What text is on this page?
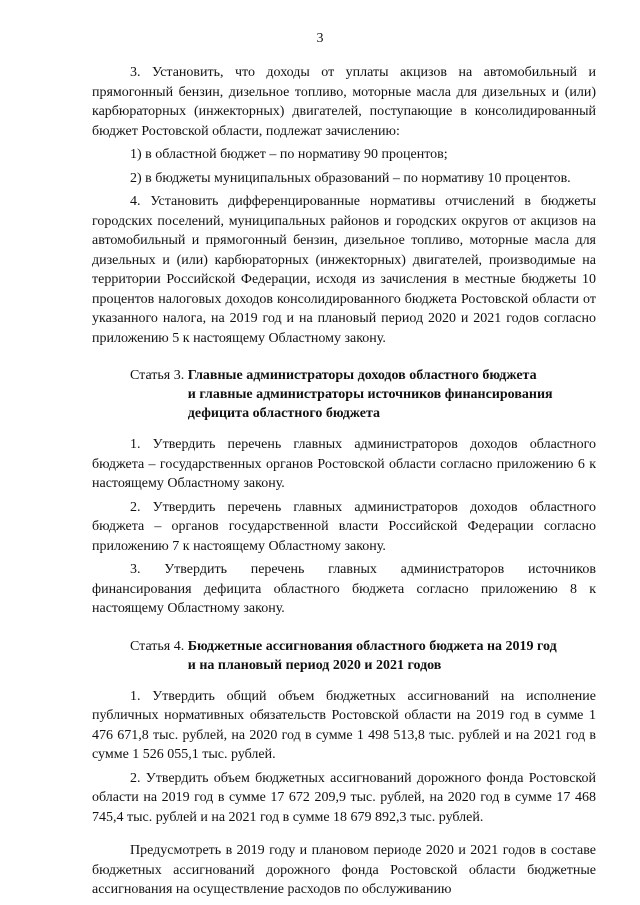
3

3. Установить, что доходы от уплаты акцизов на автомобильный и прямогонный бензин, дизельное топливо, моторные масла для дизельных и (или) карбюраторных (инжекторных) двигателей, поступающие в консолидированный бюджет Ростовской области, подлежат зачислению:

1) в областной бюджет – по нормативу 90 процентов;

2) в бюджеты муниципальных образований – по нормативу 10 процентов.

4. Установить дифференцированные нормативы отчислений в бюджеты городских поселений, муниципальных районов и городских округов от акцизов на автомобильный и прямогонный бензин, дизельное топливо, моторные масла для дизельных и (или) карбюраторных (инжекторных) двигателей, производимые на территории Российской Федерации, исходя из зачисления в местные бюджеты 10 процентов налоговых доходов консолидированного бюджета Ростовской области от указанного налога, на 2019 год и на плановый период 2020 и 2021 годов согласно приложению 5 к настоящему Областному закону.

Статья 3. Главные администраторы доходов областного бюджета
и главные администраторы источников финансирования
дефицита областного бюджета

1. Утвердить перечень главных администраторов доходов областного бюджета – государственных органов Ростовской области согласно приложению 6 к настоящему Областному закону.

2. Утвердить перечень главных администраторов доходов областного бюджета – органов государственной власти Российской Федерации согласно приложению 7 к настоящему Областному закону.

3. Утвердить перечень главных администраторов источников финансирования дефицита областного бюджета согласно приложению 8 к настоящему Областному закону.

Статья 4. Бюджетные ассигнования областного бюджета на 2019 год
и на плановый период 2020 и 2021 годов

1. Утвердить общий объем бюджетных ассигнований на исполнение публичных нормативных обязательств Ростовской области на 2019 год в сумме 1 476 671,8 тыс. рублей, на 2020 год в сумме 1 498 513,8 тыс. рублей и на 2021 год в сумме 1 526 055,1 тыс. рублей.

2. Утвердить объем бюджетных ассигнований дорожного фонда Ростовской области на 2019 год в сумме 17 672 209,9 тыс. рублей, на 2020 год в сумме 17 468 745,4 тыс. рублей и на 2021 год в сумме 18 679 892,3 тыс. рублей.

Предусмотреть в 2019 году и плановом периоде 2020 и 2021 годов в составе бюджетных ассигнований дорожного фонда Ростовской области бюджетные ассигнования на осуществление расходов по обслуживанию
